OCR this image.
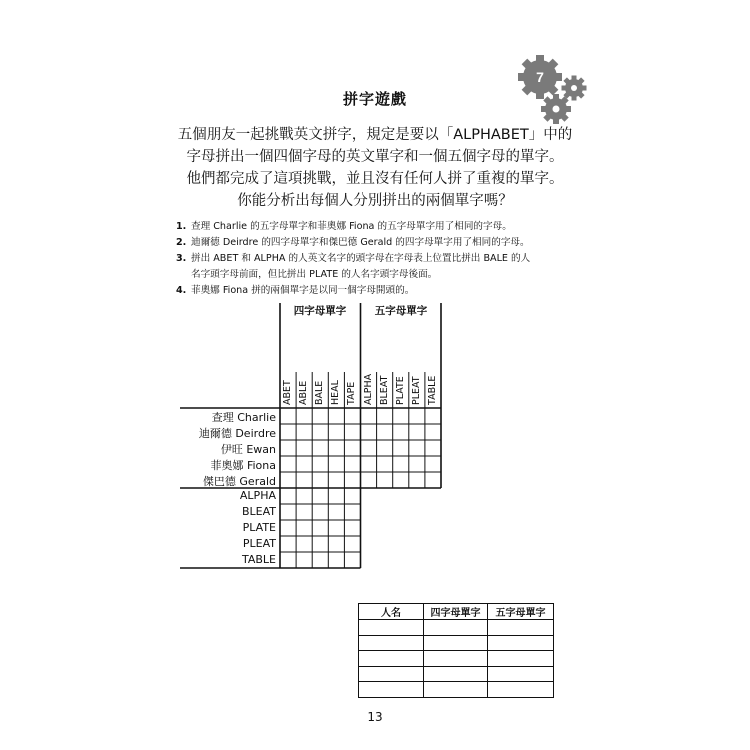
7
拼字遊戲
五個朋友一起挑戰英文拼字，規定是要以「ALPHABET」中的
字母拼出一個四個字母的英文單字和一個五個字母的單字。
他們都完成了這項挑戰，並且沒有任何人拼了重複的單字。
你能分析出每個人分別拼出的兩個單字嗎？
1. 查理 Charlie 的五字母單字和菲奧娜 Fiona 的五字母單字用了相同的字母。
2. 迪爾德 Deirdre 的四字母單字和傑巴德 Gerald 的四字母單字用了相同的字母。
3. 拼出 ABET 和 ALPHA 的人英文名字的頭字母在字母表上位置比拼出 BALE 的人
名字頭字母前面，但比拼出 PLATE 的人名字頭字母後面。
4. 菲奧娜 Fiona 拼的兩個單字是以同一個字母開頭的。
四字母單字	五字母單字
ABET ABLE BALE HEAL TAPE ALPHA BLEAT PLATE PLEAT TABLE
查理 Charlie
迪爾德 Deirdre
伊旺 Ewan
菲奧娜 Fiona
傑巴德 Gerald
ALPHA
BLEAT
PLATE
PLEAT
TABLE
人名	四字母單字	五字母單字

13
